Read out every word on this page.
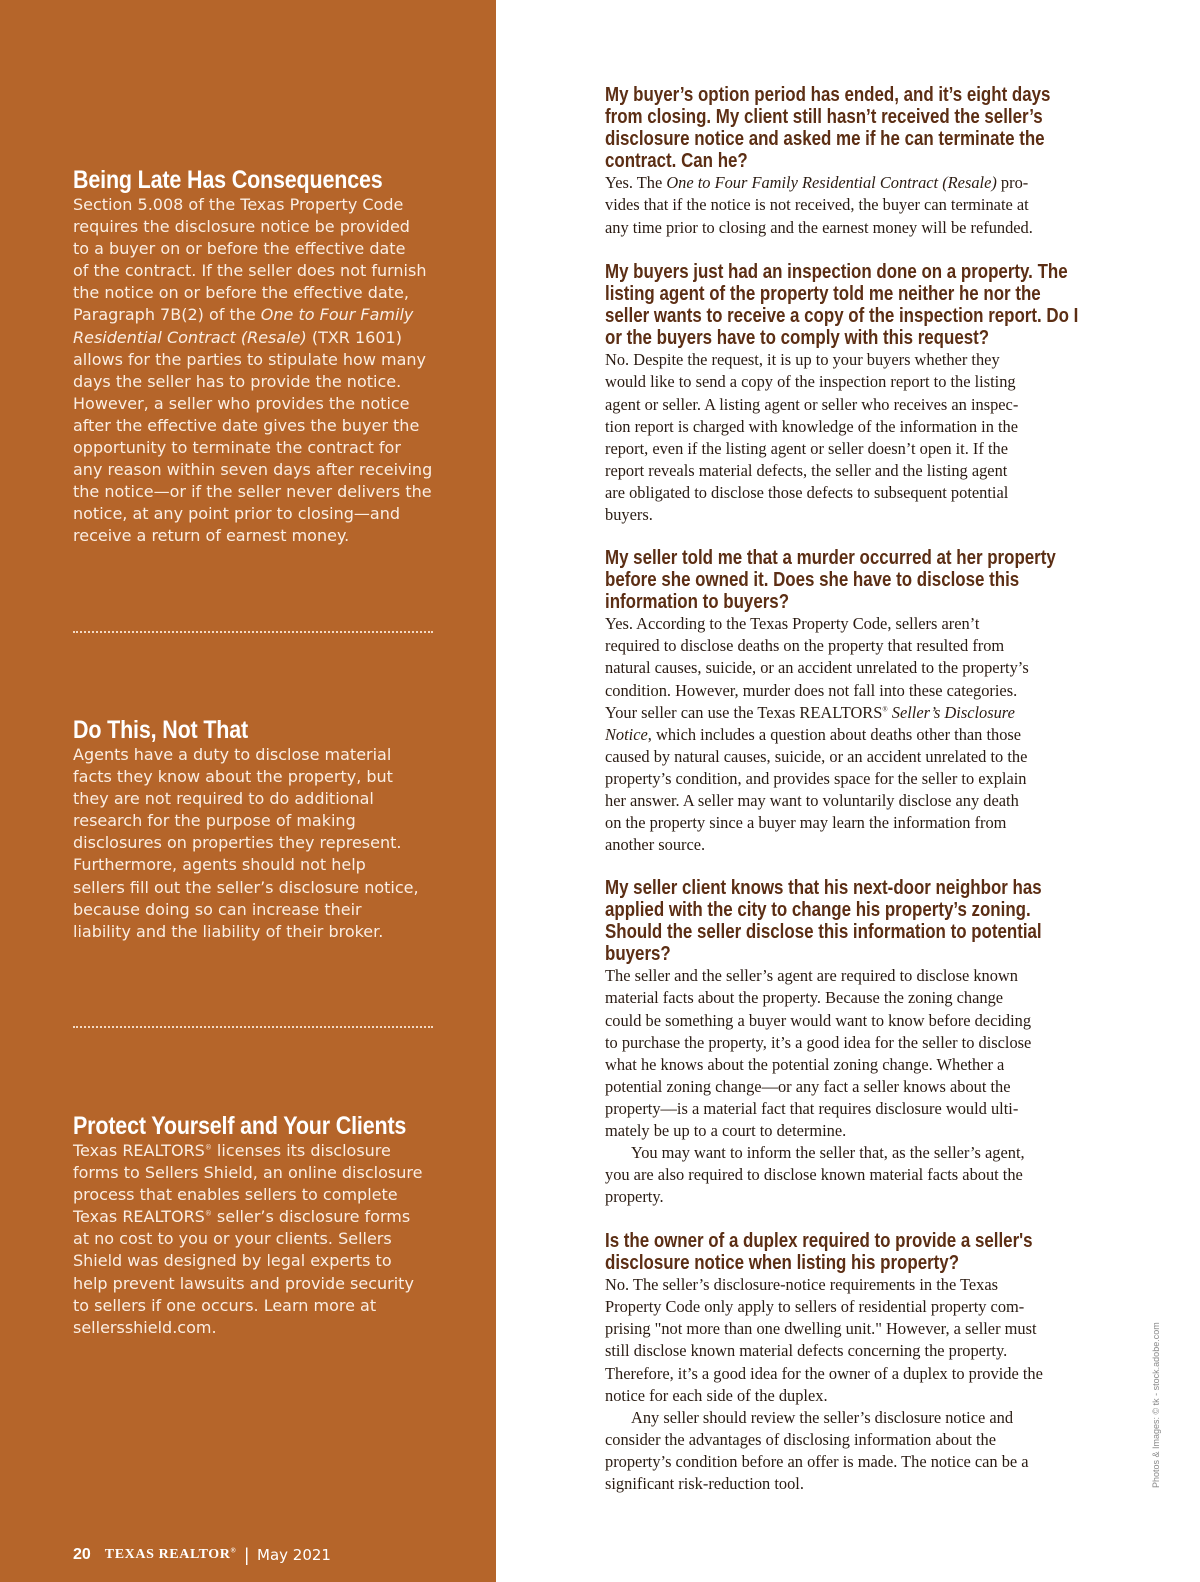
Being Late Has Consequences
Section 5.008 of the Texas Property Code
requires the disclosure notice be provided
to a buyer on or before the effective date
of the contract. If the seller does not furnish
the notice on or before the effective date,
Paragraph 7B(2) of the One to Four Family
Residential Contract (Resale) (TXR 1601)
allows for the parties to stipulate how many
days the seller has to provide the notice.
However, a seller who provides the notice
after the effective date gives the buyer the
opportunity to terminate the contract for
any reason within seven days after receiving
the notice—or if the seller never delivers the
notice, at any point prior to closing—and
receive a return of earnest money.
Do This, Not That
Agents have a duty to disclose material
facts they know about the property, but
they are not required to do additional
research for the purpose of making
disclosures on properties they represent.
Furthermore, agents should not help
sellers fill out the seller’s disclosure notice,
because doing so can increase their
liability and the liability of their broker.
Protect Yourself and Your Clients
Texas REALTORS® licenses its disclosure
forms to Sellers Shield, an online disclosure
process that enables sellers to complete
Texas REALTORS® seller’s disclosure forms
at no cost to you or your clients. Sellers
Shield was designed by legal experts to
help prevent lawsuits and provide security
to sellers if one occurs. Learn more at
sellersshield.com.
20 TEXAS REALTOR® | May 2021
My buyer’s option period has ended, and it’s eight days
from closing. My client still hasn’t received the seller’s
disclosure notice and asked me if he can terminate the
contract. Can he?
Yes. The One to Four Family Residential Contract (Resale) pro-
vides that if the notice is not received, the buyer can terminate at
any time prior to closing and the earnest money will be refunded.
My buyers just had an inspection done on a property. The
listing agent of the property told me neither he nor the
seller wants to receive a copy of the inspection report. Do I
or the buyers have to comply with this request?
No. Despite the request, it is up to your buyers whether they
would like to send a copy of the inspection report to the listing
agent or seller. A listing agent or seller who receives an inspec-
tion report is charged with knowledge of the information in the
report, even if the listing agent or seller doesn’t open it. If the
report reveals material defects, the seller and the listing agent
are obligated to disclose those defects to subsequent potential
buyers.
My seller told me that a murder occurred at her property
before she owned it. Does she have to disclose this
information to buyers?
Yes. According to the Texas Property Code, sellers aren’t
required to disclose deaths on the property that resulted from
natural causes, suicide, or an accident unrelated to the property’s
condition. However, murder does not fall into these categories.
Your seller can use the Texas REALTORS® Seller’s Disclosure
Notice, which includes a question about deaths other than those
caused by natural causes, suicide, or an accident unrelated to the
property’s condition, and provides space for the seller to explain
her answer. A seller may want to voluntarily disclose any death
on the property since a buyer may learn the information from
another source.
My seller client knows that his next-door neighbor has
applied with the city to change his property’s zoning.
Should the seller disclose this information to potential
buyers?
The seller and the seller’s agent are required to disclose known
material facts about the property. Because the zoning change
could be something a buyer would want to know before deciding
to purchase the property, it’s a good idea for the seller to disclose
what he knows about the potential zoning change. Whether a
potential zoning change—or any fact a seller knows about the
property—is a material fact that requires disclosure would ulti-
mately be up to a court to determine.
You may want to inform the seller that, as the seller’s agent,
you are also required to disclose known material facts about the
property.
Is the owner of a duplex required to provide a seller's
disclosure notice when listing his property?
No. The seller’s disclosure-notice requirements in the Texas
Property Code only apply to sellers of residential property com-
prising "not more than one dwelling unit." However, a seller must
still disclose known material defects concerning the property.
Therefore, it’s a good idea for the owner of a duplex to provide the
notice for each side of the duplex.
Any seller should review the seller’s disclosure notice and
consider the advantages of disclosing information about the
property’s condition before an offer is made. The notice can be a
significant risk-reduction tool.	Photos & Images: © tk - stock.adobe.com
